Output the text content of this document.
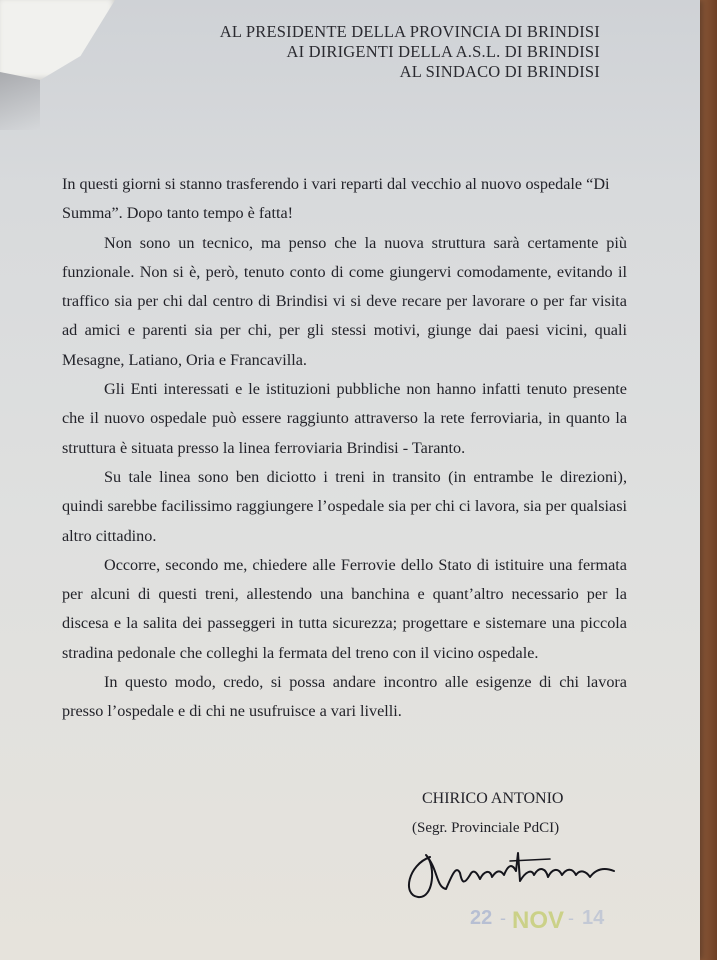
AL PRESIDENTE DELLA PROVINCIA DI BRINDISI
AI DIRIGENTI DELLA A.S.L. DI BRINDISI
AL SINDACO DI BRINDISI

In questi giorni si stanno trasferendo i vari reparti dal vecchio al nuovo ospedale “Di Summa”. Dopo tanto tempo è fatta!

Non sono un tecnico, ma penso che la nuova struttura sarà certamente più funzionale. Non si è, però, tenuto conto di come giungervi comodamente, evitando il traffico sia per chi dal centro di Brindisi vi si deve recare per lavorare o per far visita ad amici e parenti sia per chi, per gli stessi motivi, giunge dai paesi vicini, quali Mesagne, Latiano, Oria e Francavilla.

Gli Enti interessati e le istituzioni pubbliche non hanno infatti tenuto presente che il nuovo ospedale può essere raggiunto attraverso la rete ferroviaria, in quanto la struttura è situata presso la linea ferroviaria Brindisi - Taranto.

Su tale linea sono ben diciotto i treni in transito (in entrambe le direzioni), quindi sarebbe facilissimo raggiungere l’ospedale sia per chi ci lavora, sia per qualsiasi altro cittadino.

Occorre, secondo me, chiedere alle Ferrovie dello Stato di istituire una fermata per alcuni di questi treni, allestendo una banchina e quant’altro necessario per la discesa e la salita dei passeggeri in tutta sicurezza; progettare e sistemare una piccola stradina pedonale che colleghi la fermata del treno con il vicino ospedale.

In questo modo, credo, si possa andare incontro alle esigenze di chi lavora presso l’ospedale e di chi ne usufruisce a vari livelli.

CHIRICO ANTONIO
(Segr. Provinciale PdCI)
22 - NOV - 14
